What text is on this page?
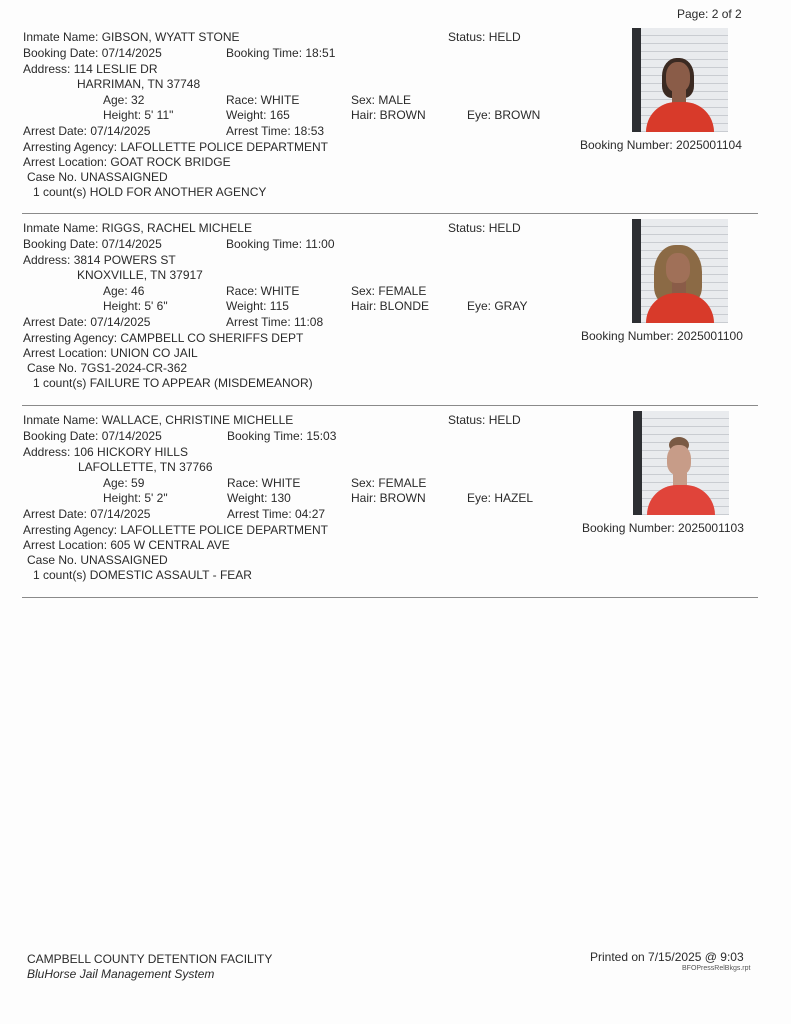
Page: 2 of 2
Inmate Name: GIBSON, WYATT STONE	Status: HELD
Booking Date: 07/14/2025	Booking Time: 18:51
Address: 114 LESLIE DR
HARRIMAN, TN 37748
Age: 32	Race: WHITE	Sex: MALE
Height: 5' 11"	Weight: 165	Hair: BROWN	Eye: BROWN
Arrest Date: 07/14/2025	Arrest Time: 18:53
Booking Number: 2025001104
Arresting Agency: LAFOLLETTE POLICE DEPARTMENT
Arrest Location: GOAT ROCK BRIDGE
Case No. UNASSAIGNED
1 count(s) HOLD FOR ANOTHER AGENCY
Inmate Name: RIGGS, RACHEL MICHELE	Status: HELD
Booking Date: 07/14/2025	Booking Time: 11:00
Address: 3814 POWERS ST
KNOXVILLE, TN 37917
Age: 46	Race: WHITE	Sex: FEMALE
Height: 5' 6"	Weight: 115	Hair: BLONDE	Eye: GRAY
Arrest Date: 07/14/2025	Arrest Time: 11:08
Booking Number: 2025001100
Arresting Agency: CAMPBELL CO SHERIFFS DEPT
Arrest Location: UNION CO JAIL
Case No. 7GS1-2024-CR-362
1 count(s) FAILURE TO APPEAR (MISDEMEANOR)
Inmate Name: WALLACE, CHRISTINE MICHELLE	Status: HELD
Booking Date: 07/14/2025	Booking Time: 15:03
Address: 106 HICKORY HILLS
LAFOLLETTE, TN 37766
Age: 59	Race: WHITE	Sex: FEMALE
Height: 5' 2"	Weight: 130	Hair: BROWN	Eye: HAZEL
Arrest Date: 07/14/2025	Arrest Time: 04:27
Booking Number: 2025001103
Arresting Agency: LAFOLLETTE POLICE DEPARTMENT
Arrest Location: 605 W CENTRAL AVE
Case No. UNASSAIGNED
1 count(s) DOMESTIC ASSAULT - FEAR
CAMPBELL COUNTY DETENTION FACILITY
BluHorse Jail Management System
Printed on 7/15/2025 @ 9:03
BFOPressRelBkgs.rpt
